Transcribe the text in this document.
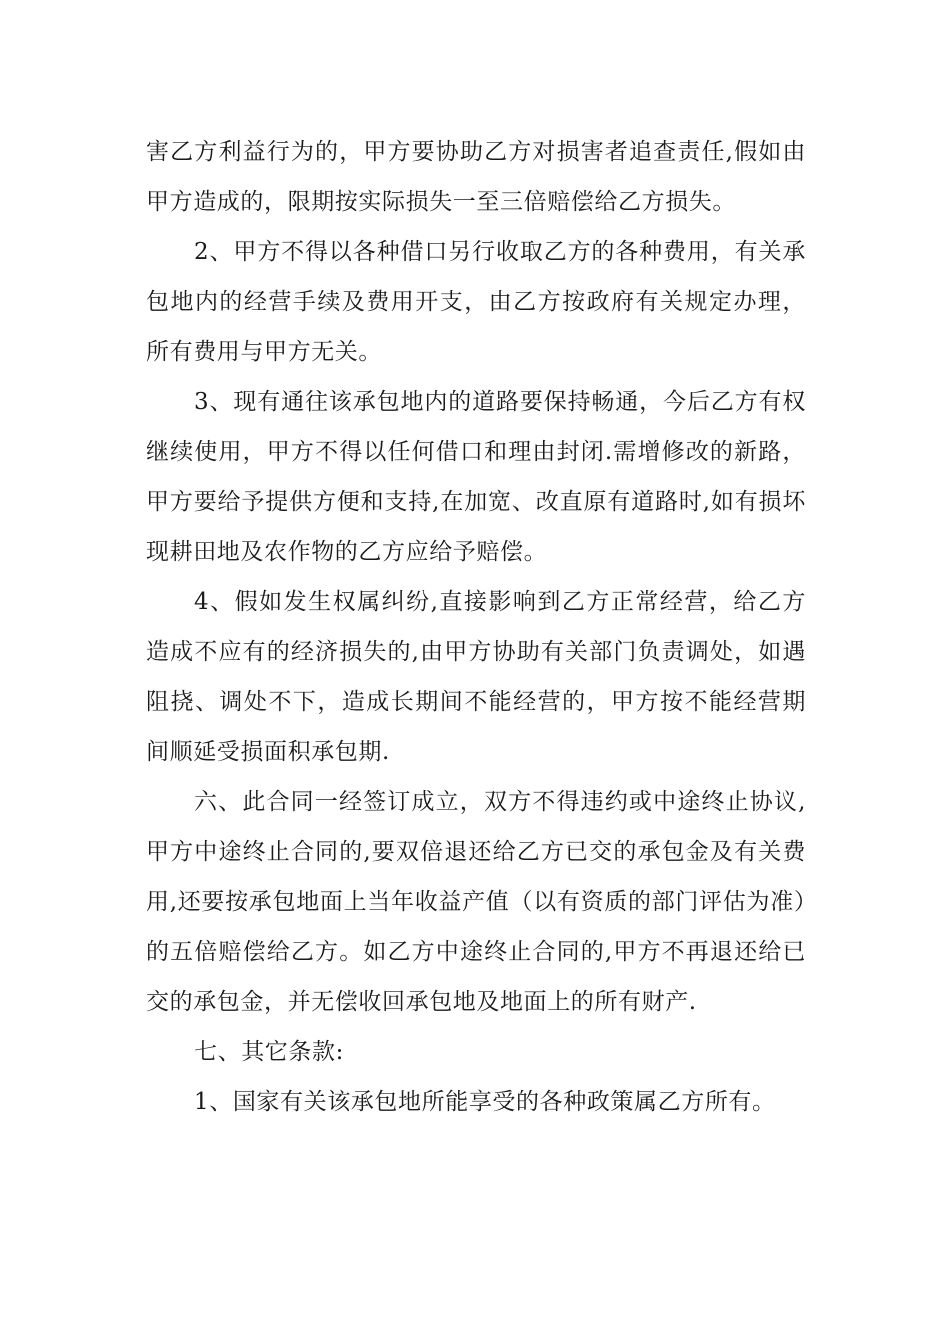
害乙方利益行为的，甲方要协助乙方对损害者追查责任,假如由甲方造成的，限期按实际损失一至三倍赔偿给乙方损失。

2、甲方不得以各种借口另行收取乙方的各种费用，有关承包地内的经营手续及费用开支，由乙方按政府有关规定办理，所有费用与甲方无关。

3、现有通往该承包地内的道路要保持畅通，今后乙方有权继续使用，甲方不得以任何借口和理由封闭.需增修改的新路，甲方要给予提供方便和支持,在加宽、改直原有道路时,如有损坏现耕田地及农作物的乙方应给予赔偿。

4、假如发生权属纠纷,直接影响到乙方正常经营，给乙方造成不应有的经济损失的,由甲方协助有关部门负责调处，如遇阻挠、调处不下，造成长期间不能经营的，甲方按不能经营期间顺延受损面积承包期.

六、此合同一经签订成立，双方不得违约或中途终止协议,甲方中途终止合同的,要双倍退还给乙方已交的承包金及有关费用,还要按承包地面上当年收益产值（以有资质的部门评估为准）的五倍赔偿给乙方。如乙方中途终止合同的,甲方不再退还给已交的承包金，并无偿收回承包地及地面上的所有财产.

七、其它条款:

1、国家有关该承包地所能享受的各种政策属乙方所有。
